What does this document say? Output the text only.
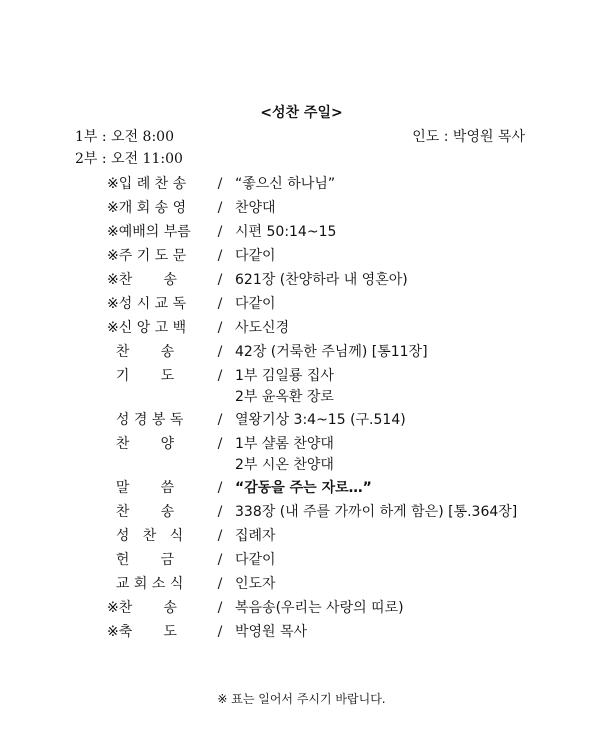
<성찬 주일>
1부 : 오전 8:00
2부 : 오전 11:00
인도 : 박영원 목사
※입 례 찬 송	/ “좋으신 하나님”
※개 회 송 영	/ 찬양대
※예배의 부름	/ 시편 50:14~15
※주 기 도 문	/ 다같이
※찬       송	/ 621장 (찬양하라 내 영혼아)
※성 시 교 독	/ 다같이
※신 앙 고 백	/ 사도신경
찬       송	/ 42장 (거룩한 주님께) [통11장]
기       도	/ 1부 김일룡 집사
2부 윤옥환 장로
성 경 봉 독	/ 열왕기상 3:4~15 (구.514)
찬       양	/ 1부 샬롬 찬양대
2부 시온 찬양대
말       씀	/ “감동을 주는 자로…”
찬       송	/ 338장 (내 주를 가까이 하게 함은) [통.364장]
성   찬   식	/ 집례자
헌       금	/ 다같이
교 회 소 식	/ 인도자
※찬       송	/ 복음송(우리는 사랑의 띠로)
※축       도	/ 박영원 목사
※ 표는 일어서 주시기 바랍니다.
